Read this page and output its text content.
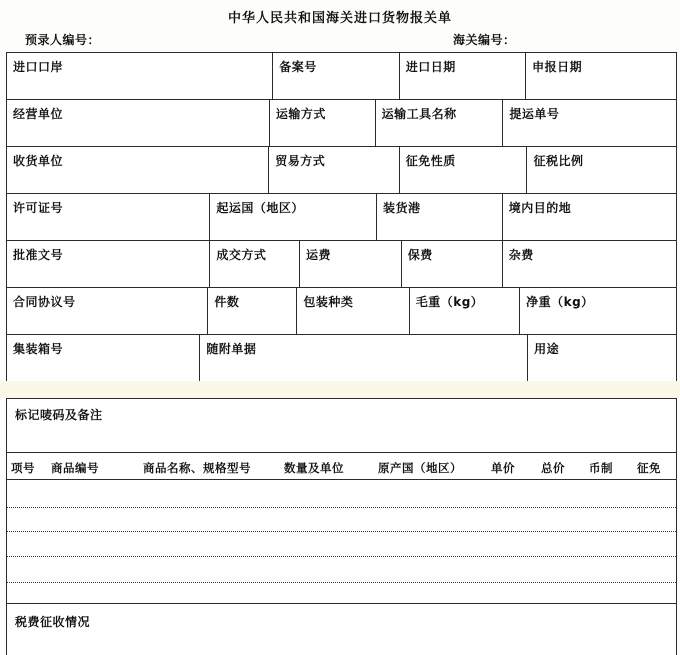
中华人民共和国海关进口货物报关单
预录人编号：	海关编号：
进口口岸	备案号	进口日期	申报日期
经营单位	运输方式	运输工具名称	提运单号
收货单位	贸易方式	征免性质	征税比例
许可证号	起运国（地区）	装货港	境内目的地
批准文号	成交方式	运费	保费	杂费
合同协议号	件数	包装种类	毛重（kg）	净重（kg）
集装箱号	随附单据	用途
标记唛码及备注
项号 商品编号	商品名称、规格型号	数量及单位	原产国（地区）	单价 总价 币制 征免
税费征收情况
